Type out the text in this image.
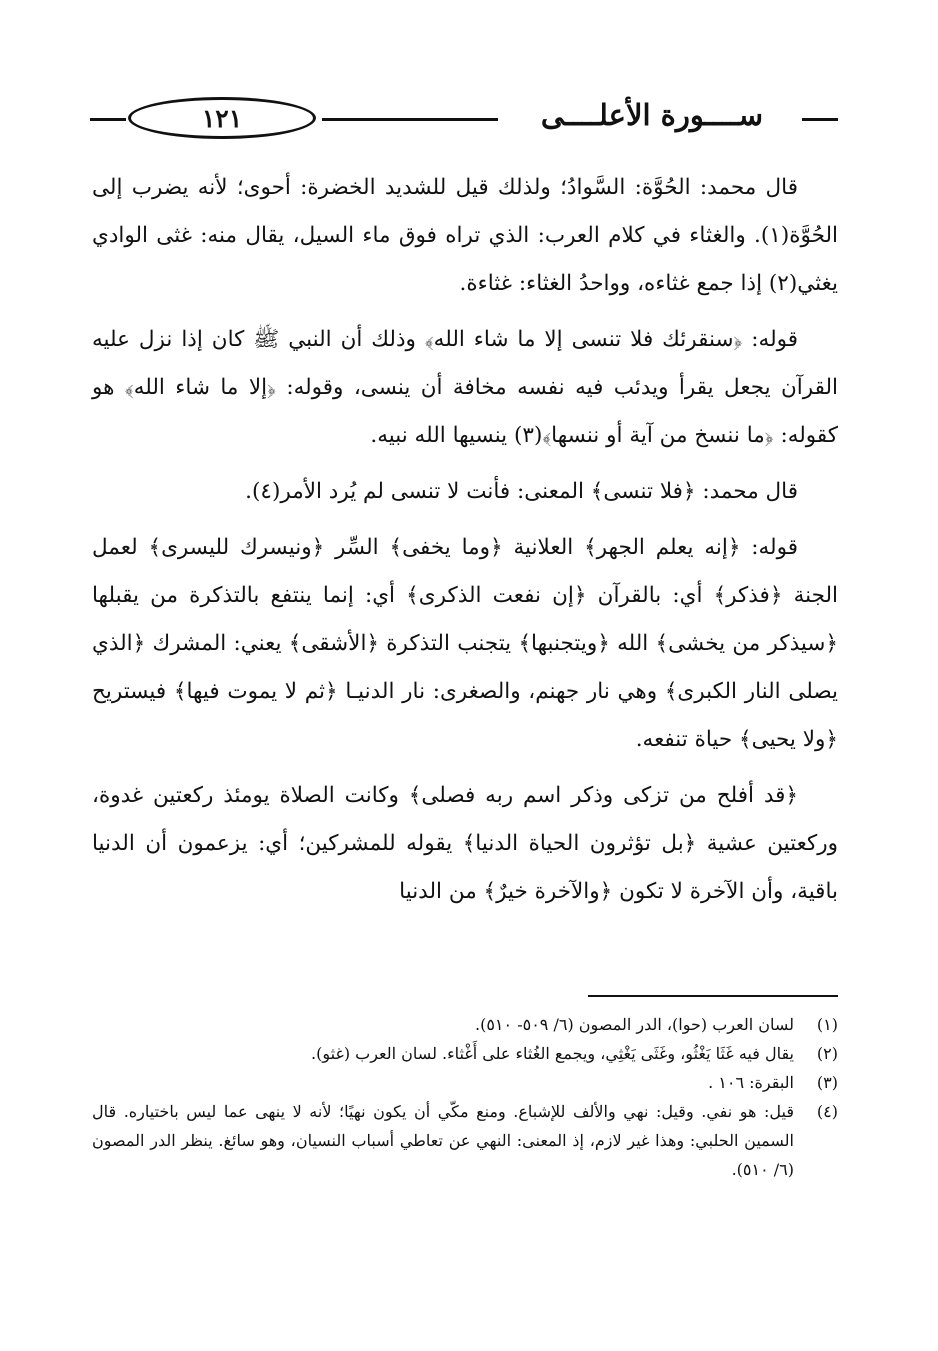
١٢١	ســــورة الأعلــــى

قال محمد: الحُوَّة: السَّوادُ؛ ولذلك قيل للشديد الخضرة: أحوى؛ لأنه يضرب إلى الحُوَّة(١). والغثاء في كلام العرب: الذي تراه فوق ماء السيل، يقال منه: غثى الوادي يغثي(٢) إذا جمع غثاءه، وواحدُ الغثاء: غثاءة.

قوله: ﴿سنقرئك فلا تنسى إلا ما شاء الله﴾ وذلك أن النبي ﷺ كان إذا نزل عليه القرآن يجعل يقرأ ويدئب فيه نفسه مخافة أن ينسى، وقوله: ﴿إلا ما شاء الله﴾ هو كقوله: ﴿ما ننسخ من آية أو ننسها﴾(٣) ينسيها الله نبيه.

قال محمد: ﴿فلا تنسى﴾ المعنى: فأنت لا تنسى لم يُرد الأمر(٤).

قوله: ﴿إنه يعلم الجهر﴾ العلانية ﴿وما يخفى﴾ السِّر ﴿ونيسرك لليسرى﴾ لعمل الجنة ﴿فذكر﴾ أي: بالقرآن ﴿إن نفعت الذكرى﴾ أي: إنما ينتفع بالتذكرة من يقبلها ﴿سيذكر من يخشى﴾ الله ﴿ويتجنبها﴾ يتجنب التذكرة ﴿الأشقى﴾ يعني: المشرك ﴿الذي يصلى النار الكبرى﴾ وهي نار جهنم، والصغرى: نار الدنيـا ﴿ثم لا يموت فيها﴾ فيستريح ﴿ولا يحيى﴾ حياة تنفعه.

﴿قد أفلح من تزكى وذكر اسم ربه فصلى﴾ وكانت الصلاة يومئذ ركعتين غدوة، وركعتين عشية ﴿بل تؤثرون الحياة الدنيا﴾ يقوله للمشركين؛ أي: يزعمون أن الدنيا باقية، وأن الآخرة لا تكون ﴿والآخرة خيرٌ﴾ من الدنيا

(١)
لسان العرب (حوا)، الدر المصون (٦/ ٥٠٩- ٥١٠).
(٢)
يقال فيه غَثَا يَغْثُو، وغَثَى يَغْثِي، ويجمع الغُثاء على أَغْثاء. لسان العرب (غثو).
(٣)
البقرة: ١٠٦ .
(٤)
قيل: هو نفي. وقيل: نهي والألف للإشباع. ومنع مكّي أن يكون نهيًا؛ لأنه لا ينهى عما ليس باختياره. قال السمين الحلبي: وهذا غير لازم، إذ المعنى: النهي عن تعاطي أسباب النسيان، وهو سائغ. ينظر الدر المصون (٦/ ٥١٠).
